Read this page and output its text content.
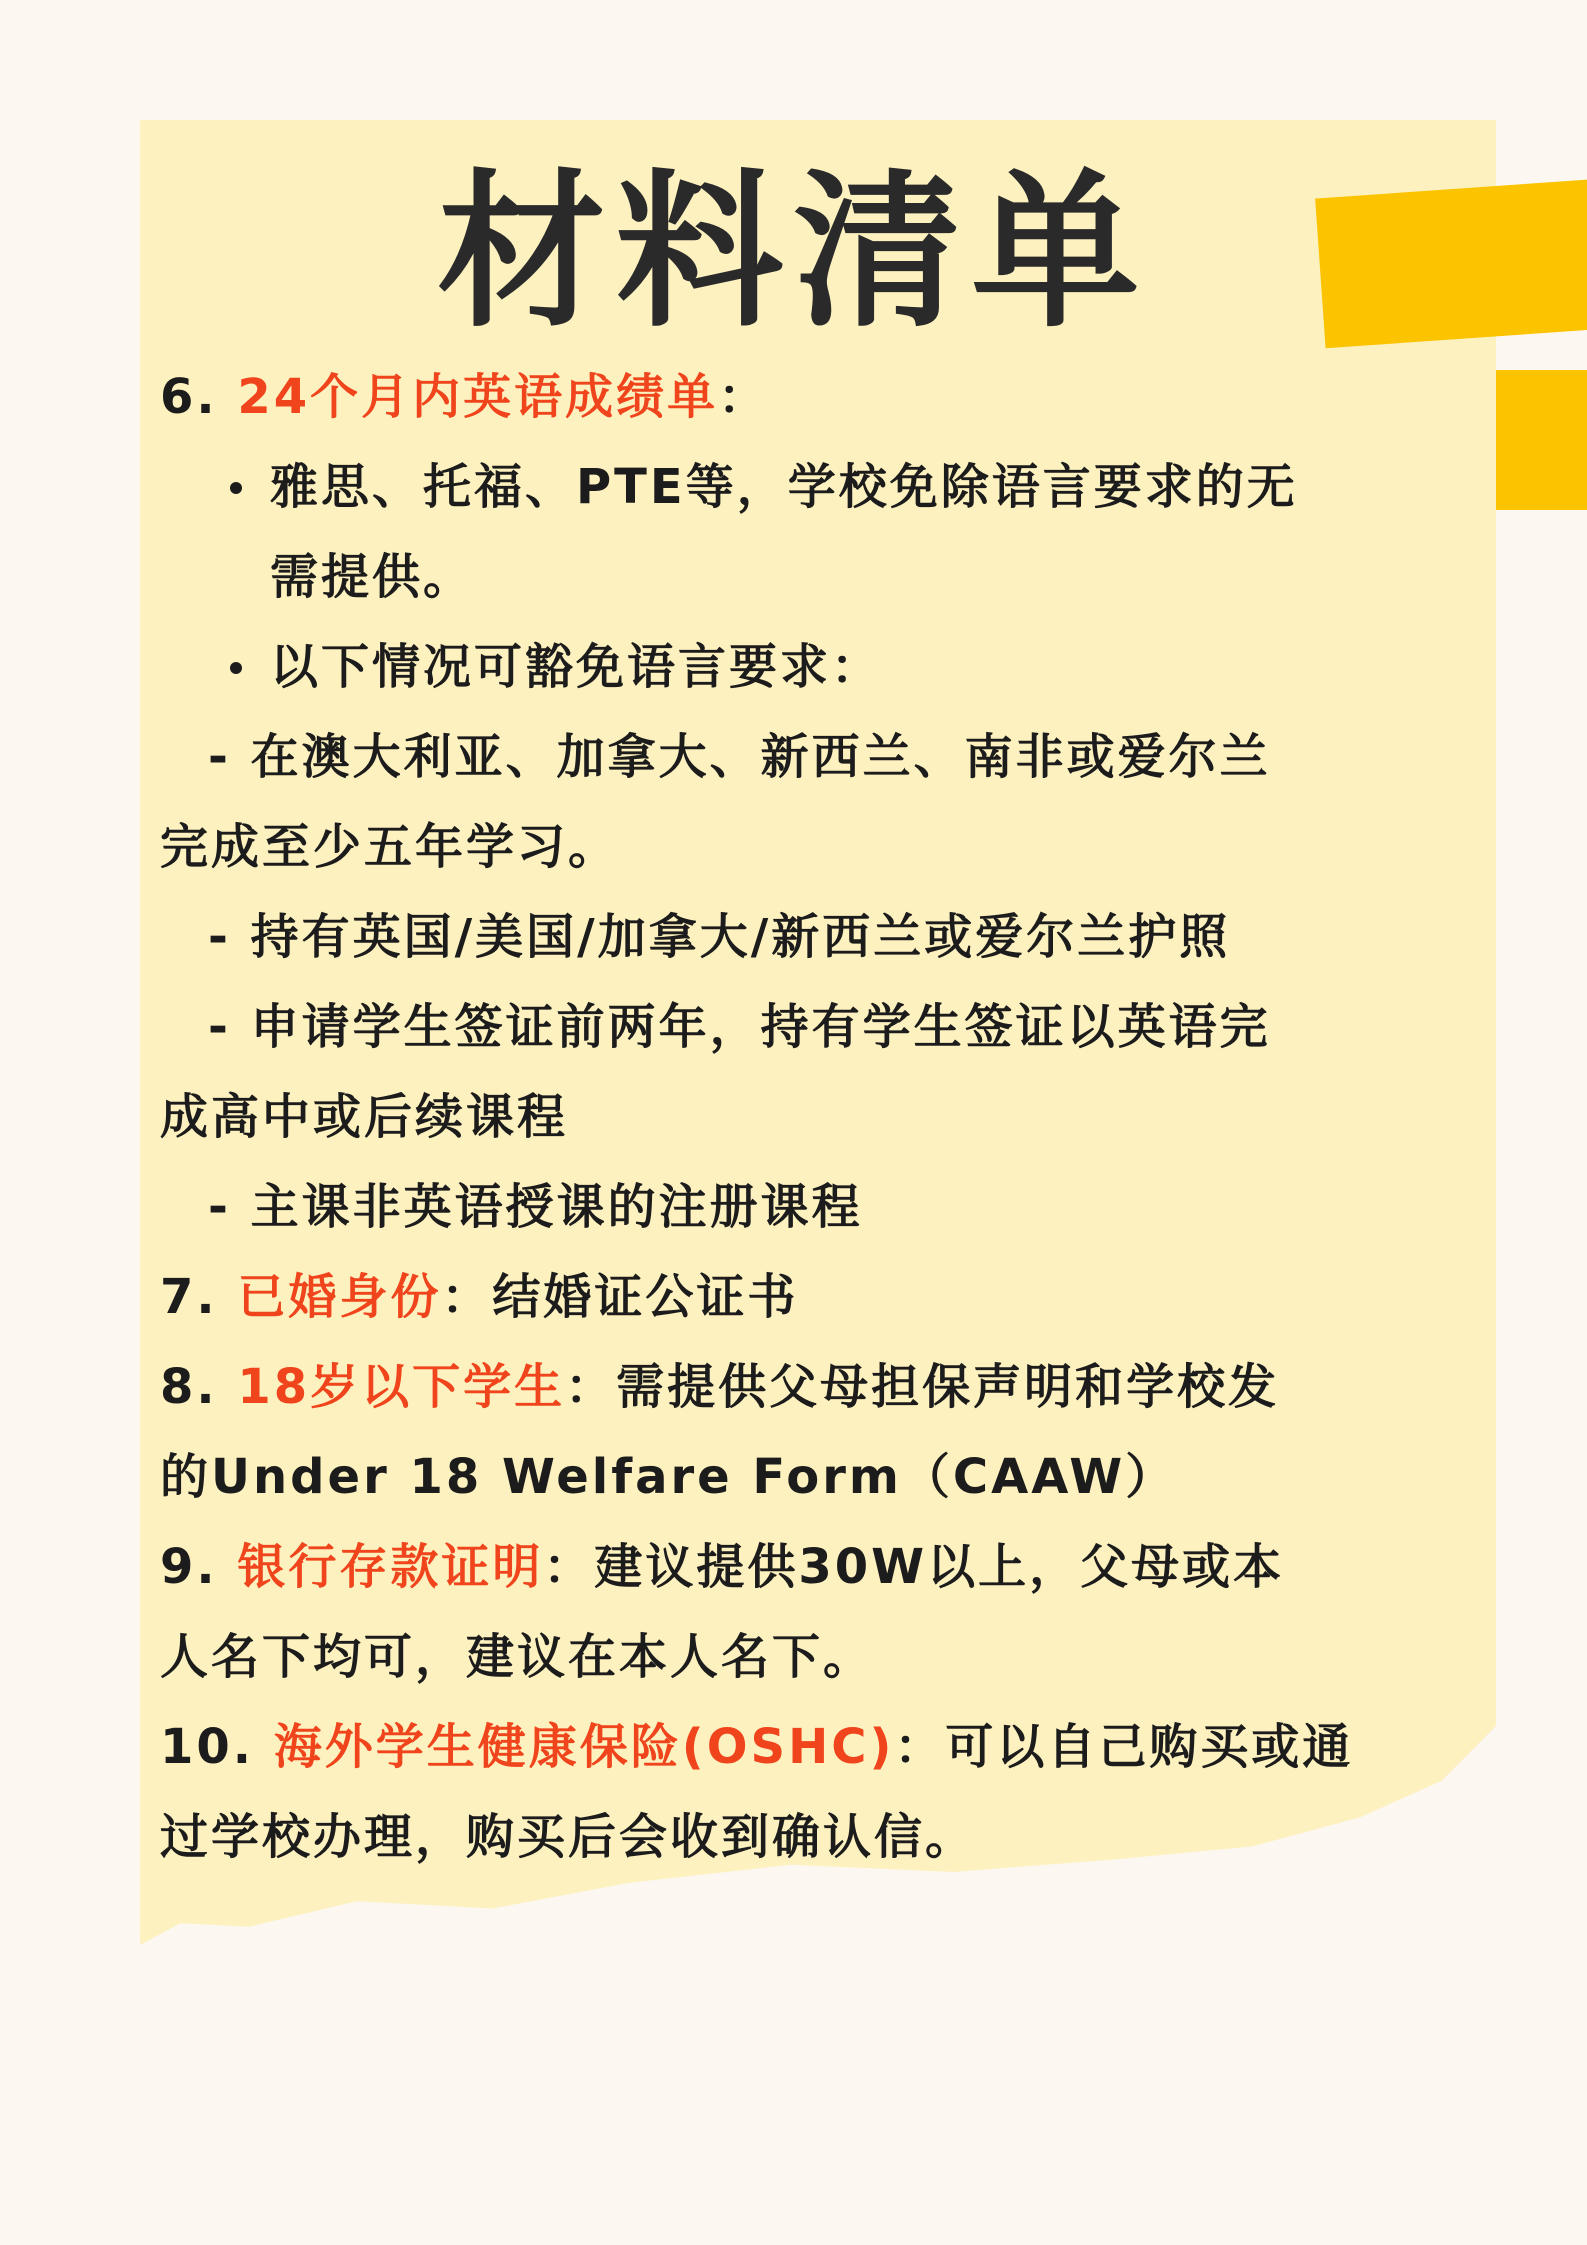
材料清单
6. 24个月内英语成绩单：
雅思、托福、PTE等，学校免除语言要求的无
需提供。
以下情况可豁免语言要求：
- 在澳大利亚、加拿大、新西兰、南非或爱尔兰
完成至少五年学习。
- 持有英国/美国/加拿大/新西兰或爱尔兰护照
- 申请学生签证前两年，持有学生签证以英语完
成高中或后续课程
- 主课非英语授课的注册课程
7. 已婚身份：结婚证公证书
8. 18岁以下学生：需提供父母担保声明和学校发
的Under 18 Welfare Form（CAAW）
9. 银行存款证明：建议提供30W以上，父母或本
人名下均可，建议在本人名下。
10. 海外学生健康保险(OSHC)：可以自己购买或通
过学校办理，购买后会收到确认信。
